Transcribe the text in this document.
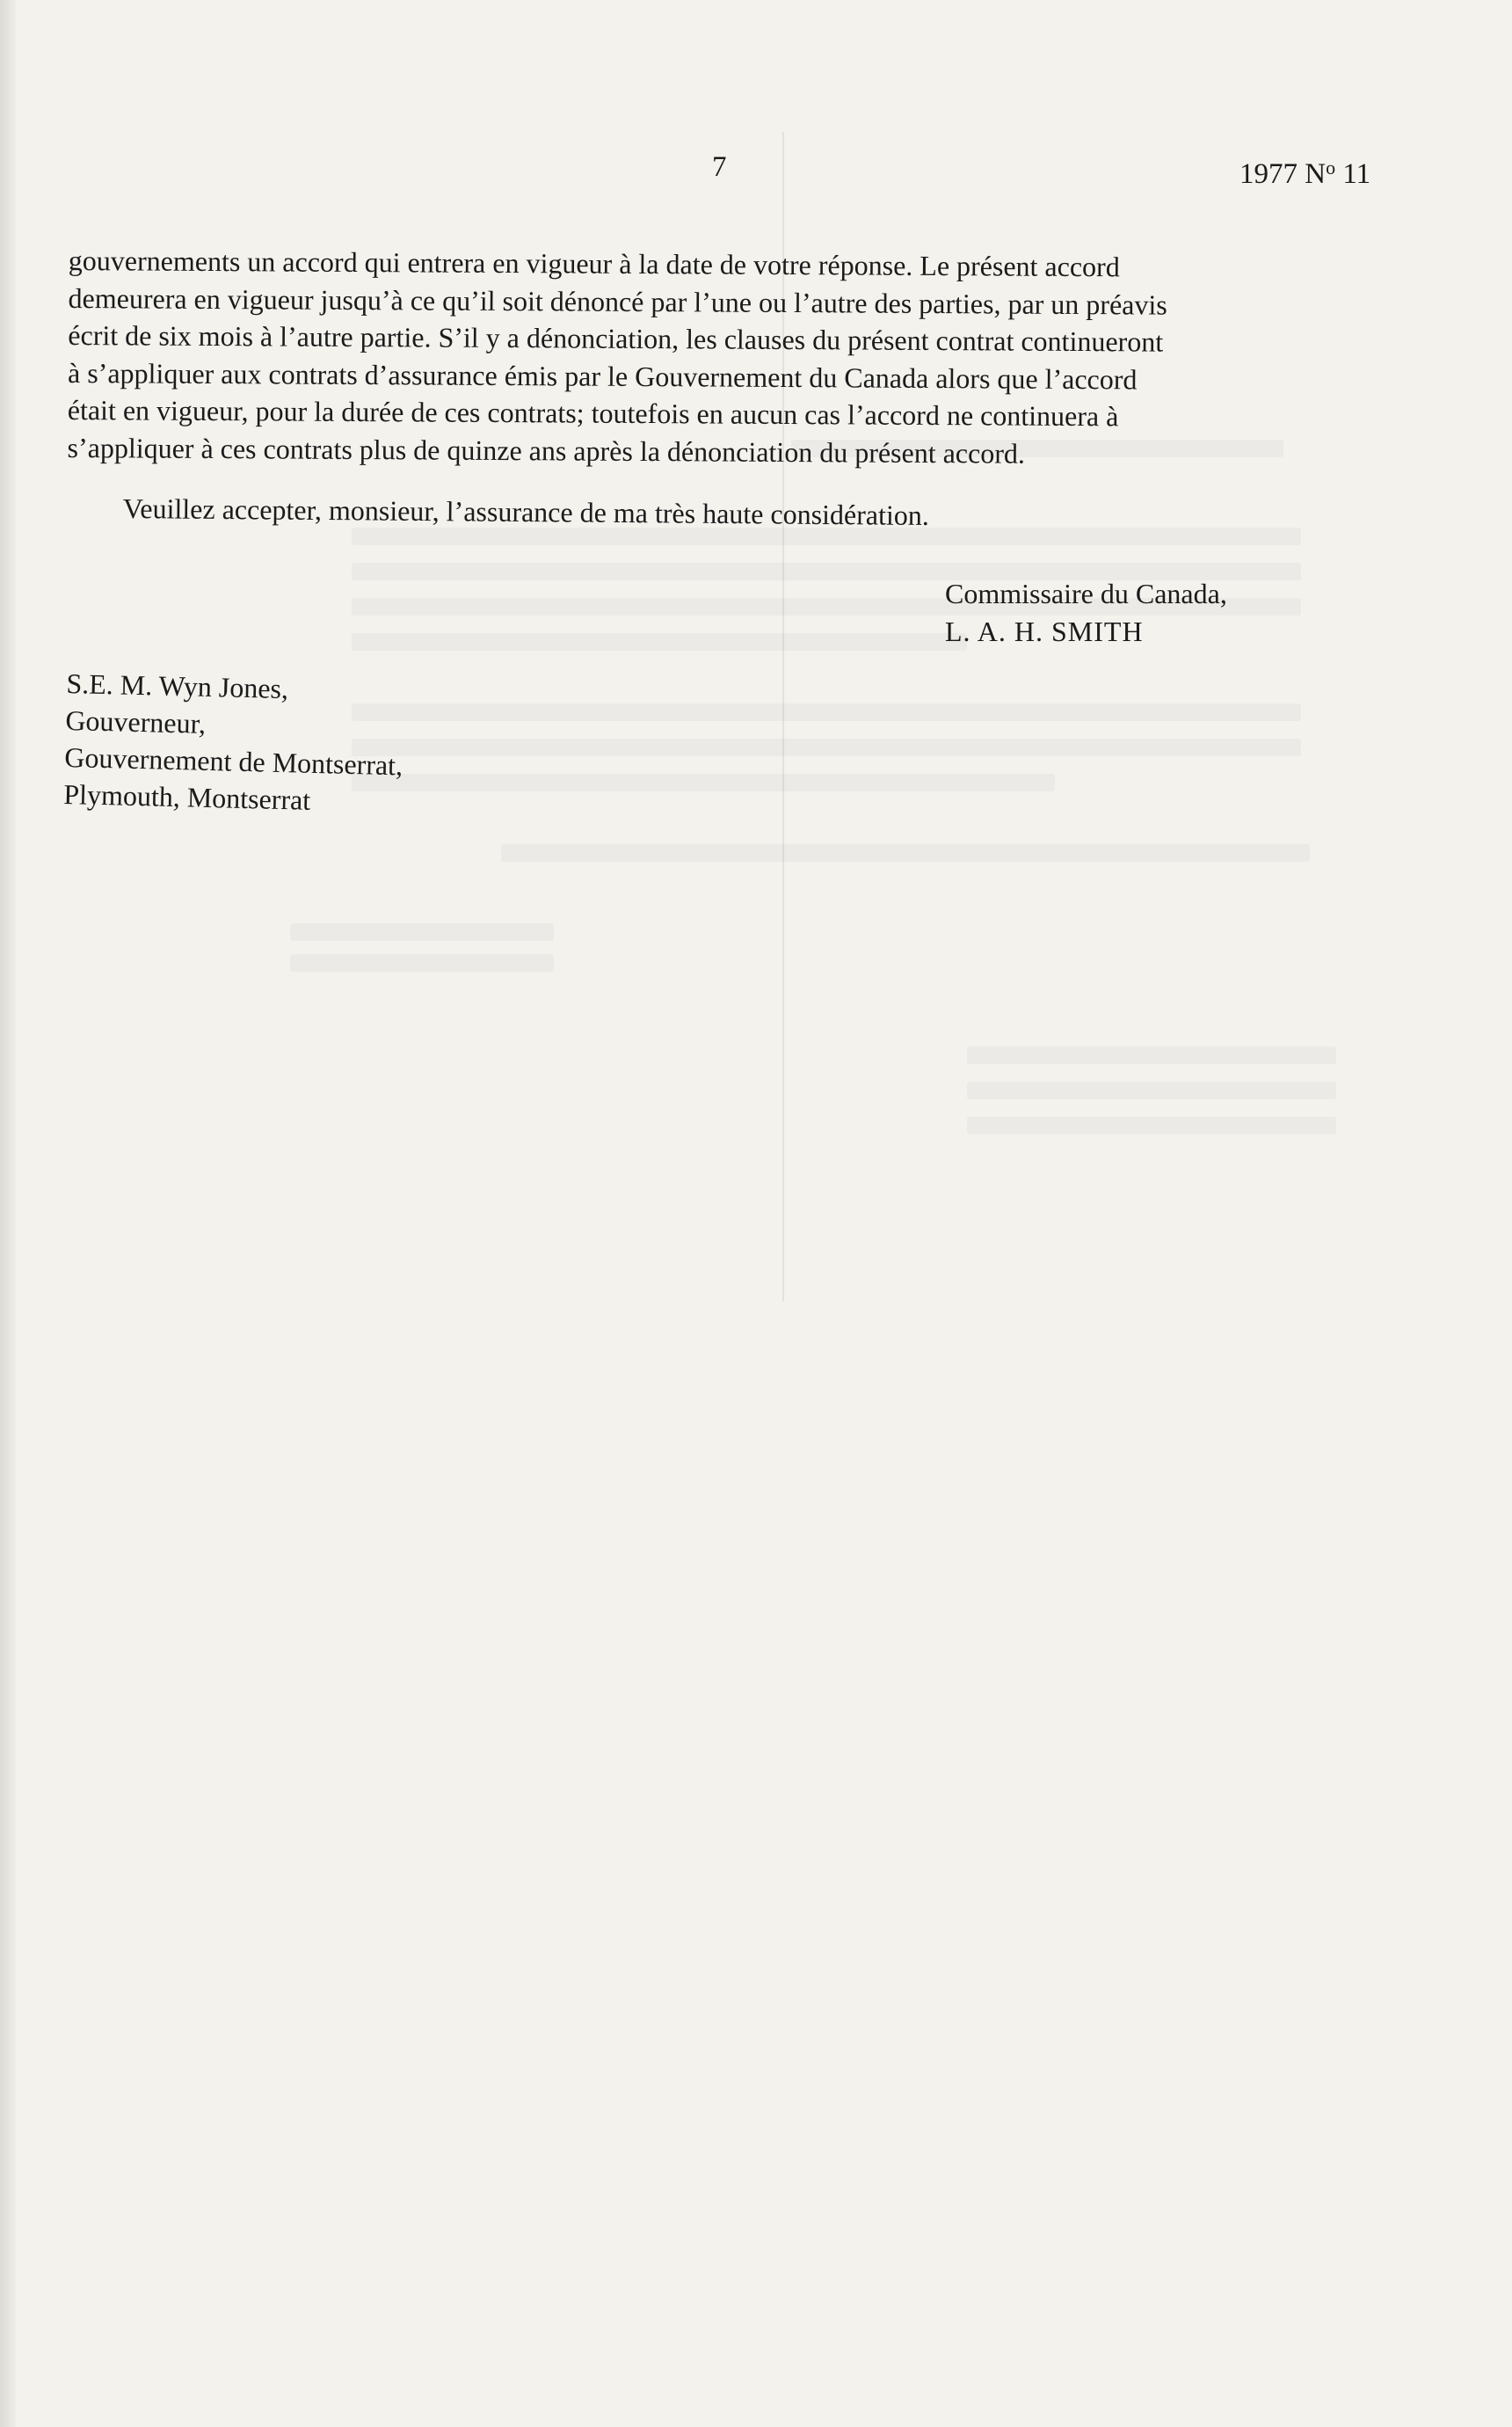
7	1977 $N^o$ 11
gouvernements un accord qui entrera en vigueur à la date de votre réponse. Le présent accord
demeurera en vigueur jusqu’à ce qu’il soit dénoncé par l’une ou l’autre des parties, par un préavis
écrit de six mois à l’autre partie. S’il y a dénonciation, les clauses du présent contrat continueront
à s’appliquer aux contrats d’assurance émis par le Gouvernement du Canada alors que l’accord
était en vigueur, pour la durée de ces contrats; toutefois en aucun cas l’accord ne continuera à
s’appliquer à ces contrats plus de quinze ans après la dénonciation du présent accord.

Veuillez accepter, monsieur, l’assurance de ma très haute considération.

Commissaire du Canada,
L. A. H. SMITH
S.E. M. Wyn Jones,
Gouverneur,
Gouvernement de Montserrat,
Plymouth, Montserrat
